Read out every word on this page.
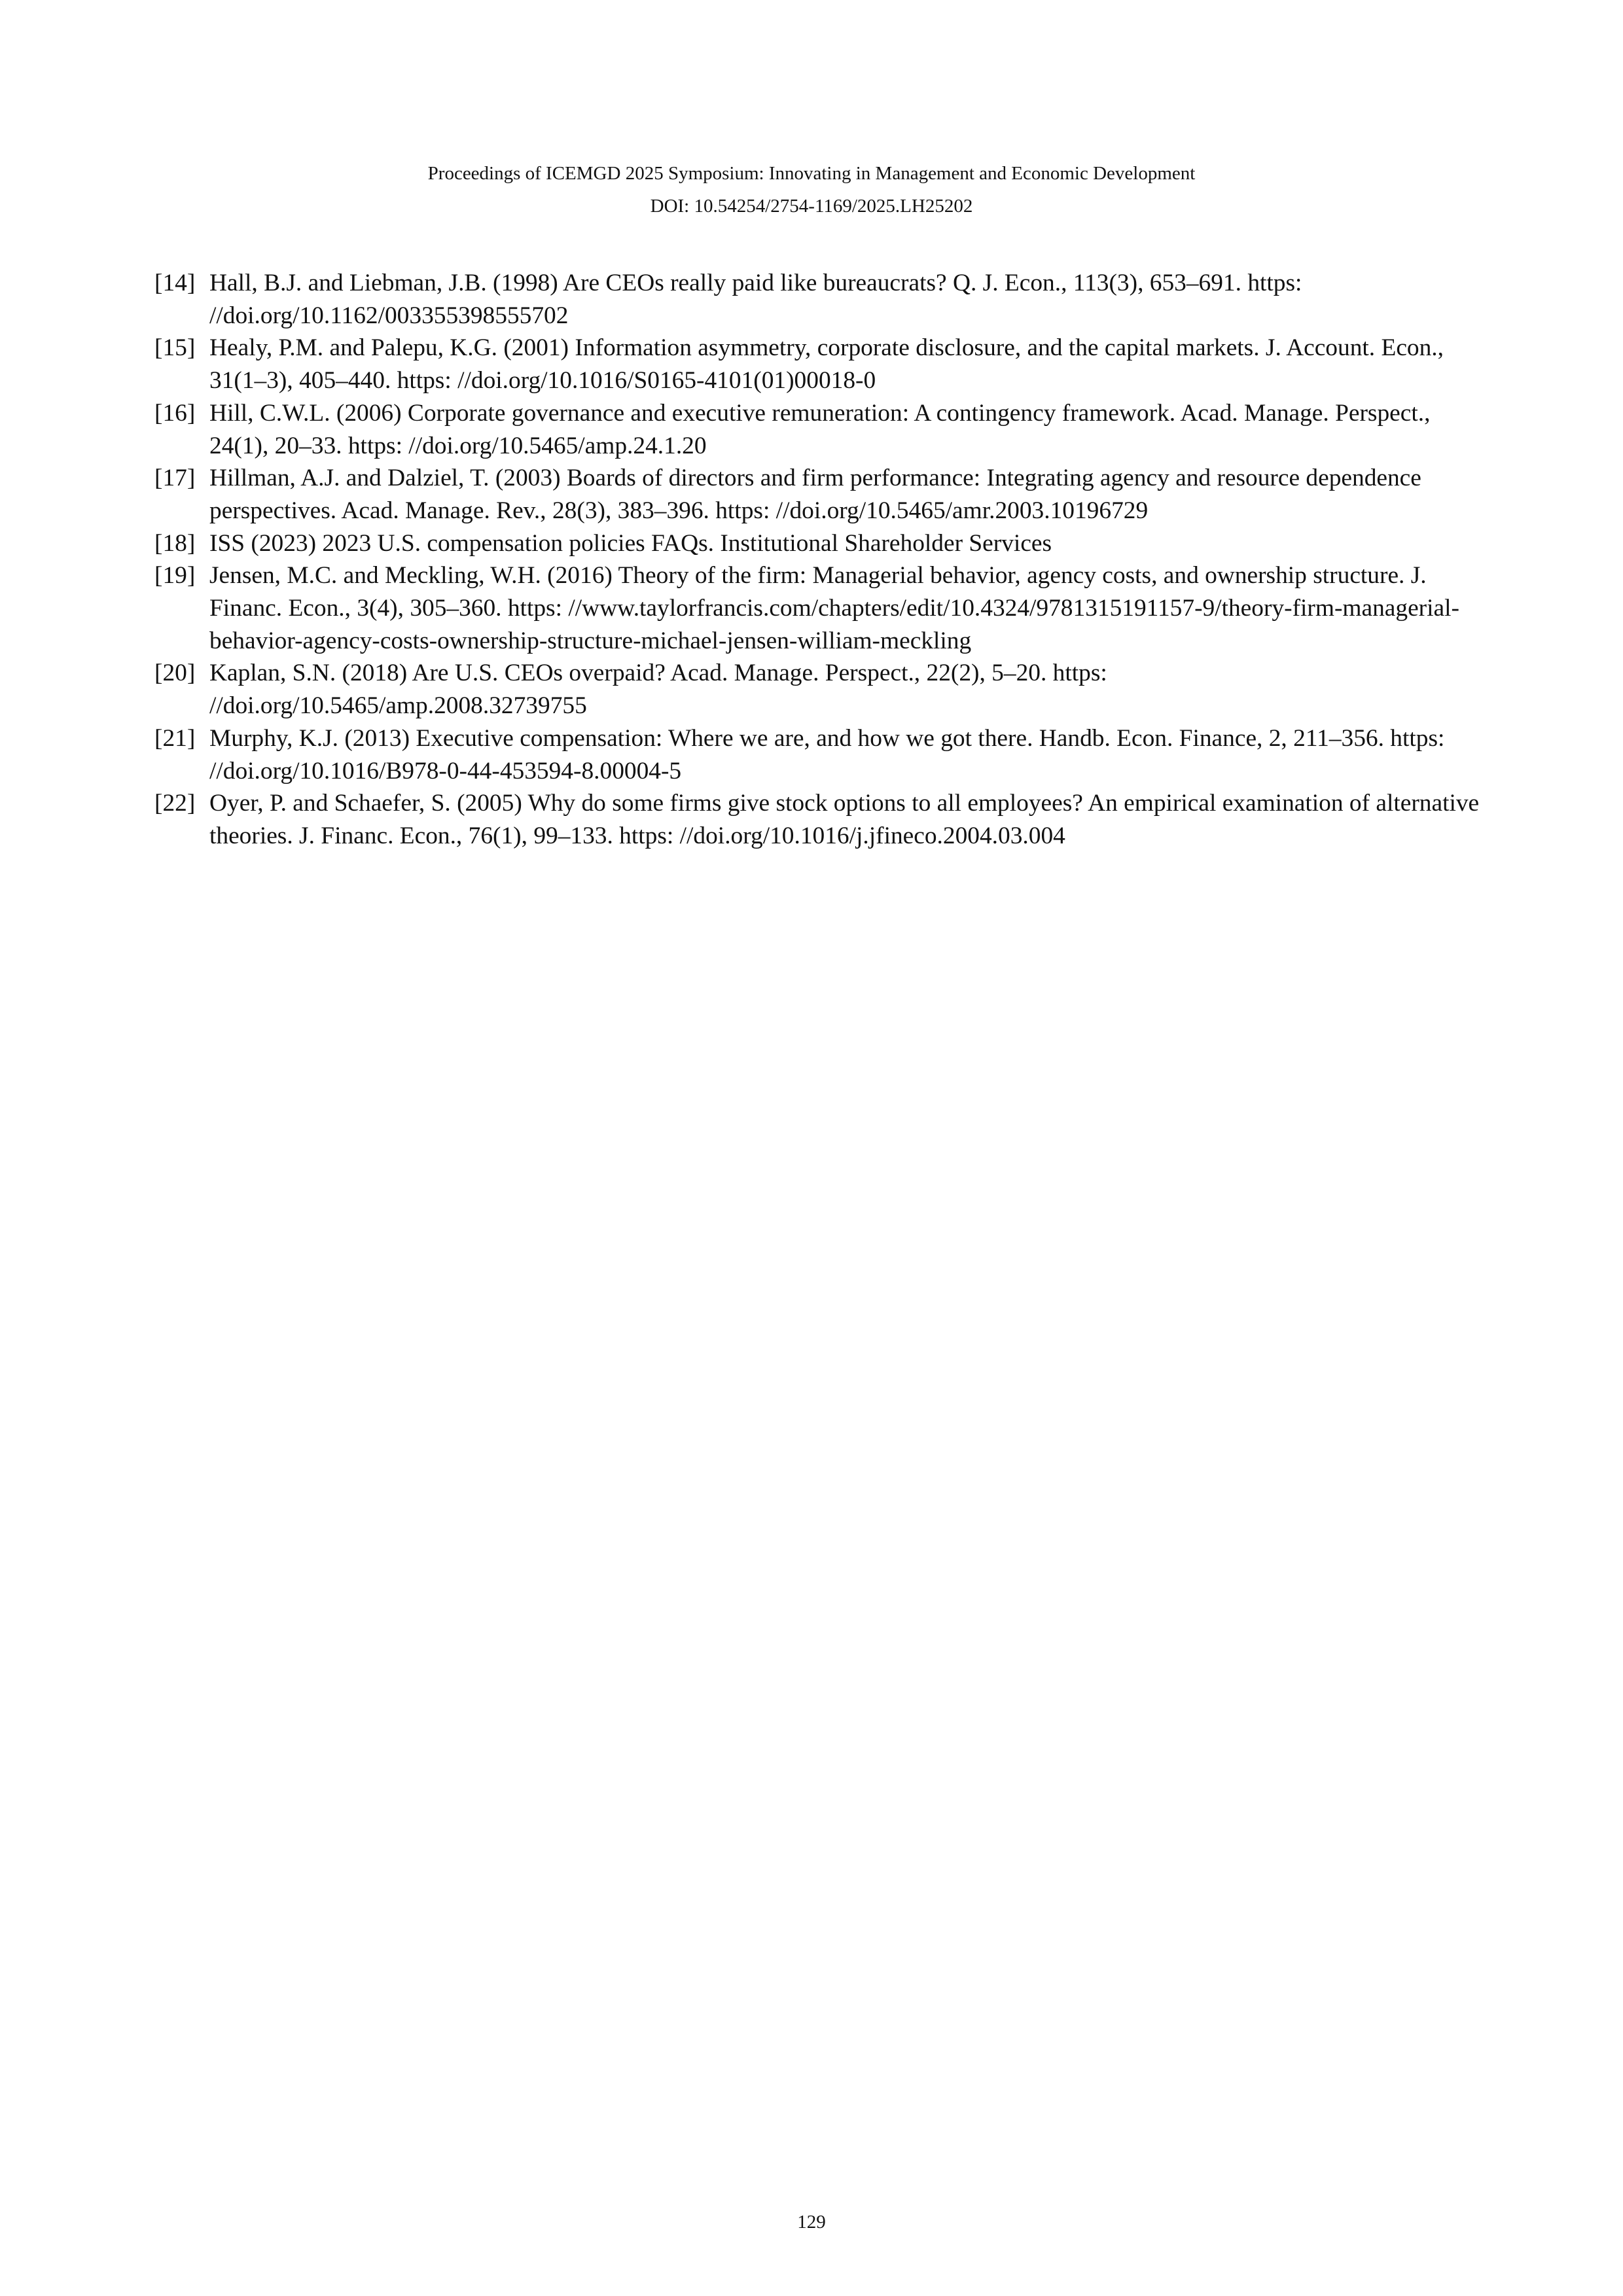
Proceedings of ICEMGD 2025 Symposium: Innovating in Management and Economic Development
DOI: 10.54254/2754-1169/2025.LH25202
[14] Hall, B.J. and Liebman, J.B. (1998) Are CEOs really paid like bureaucrats? Q. J. Econ., 113(3), 653–691. https: //doi.org/10.1162/003355398555702
[15] Healy, P.M. and Palepu, K.G. (2001) Information asymmetry, corporate disclosure, and the capital markets. J. Account. Econ., 31(1–3), 405–440. https: //doi.org/10.1016/S0165-4101(01)00018-0
[16] Hill, C.W.L. (2006) Corporate governance and executive remuneration: A contingency framework. Acad. Manage. Perspect., 24(1), 20–33. https: //doi.org/10.5465/amp.24.1.20
[17] Hillman, A.J. and Dalziel, T. (2003) Boards of directors and firm performance: Integrating agency and resource dependence perspectives. Acad. Manage. Rev., 28(3), 383–396. https: //doi.org/10.5465/amr.2003.10196729
[18] ISS (2023) 2023 U.S. compensation policies FAQs. Institutional Shareholder Services
[19] Jensen, M.C. and Meckling, W.H. (2016) Theory of the firm: Managerial behavior, agency costs, and ownership structure. J. Financ. Econ., 3(4), 305–360. https: //www.taylorfrancis.com/chapters/edit/10.4324/9781315191157-9/theory-firm-managerial-behavior-agency-costs-ownership-structure-michael-jensen-william-meckling
[20] Kaplan, S.N. (2018) Are U.S. CEOs overpaid? Acad. Manage. Perspect., 22(2), 5–20. https: //doi.org/10.5465/amp.2008.32739755
[21] Murphy, K.J. (2013) Executive compensation: Where we are, and how we got there. Handb. Econ. Finance, 2, 211–356. https: //doi.org/10.1016/B978-0-44-453594-8.00004-5
[22] Oyer, P. and Schaefer, S. (2005) Why do some firms give stock options to all employees? An empirical examination of alternative theories. J. Financ. Econ., 76(1), 99–133. https: //doi.org/10.1016/j.jfineco.2004.03.004
129
